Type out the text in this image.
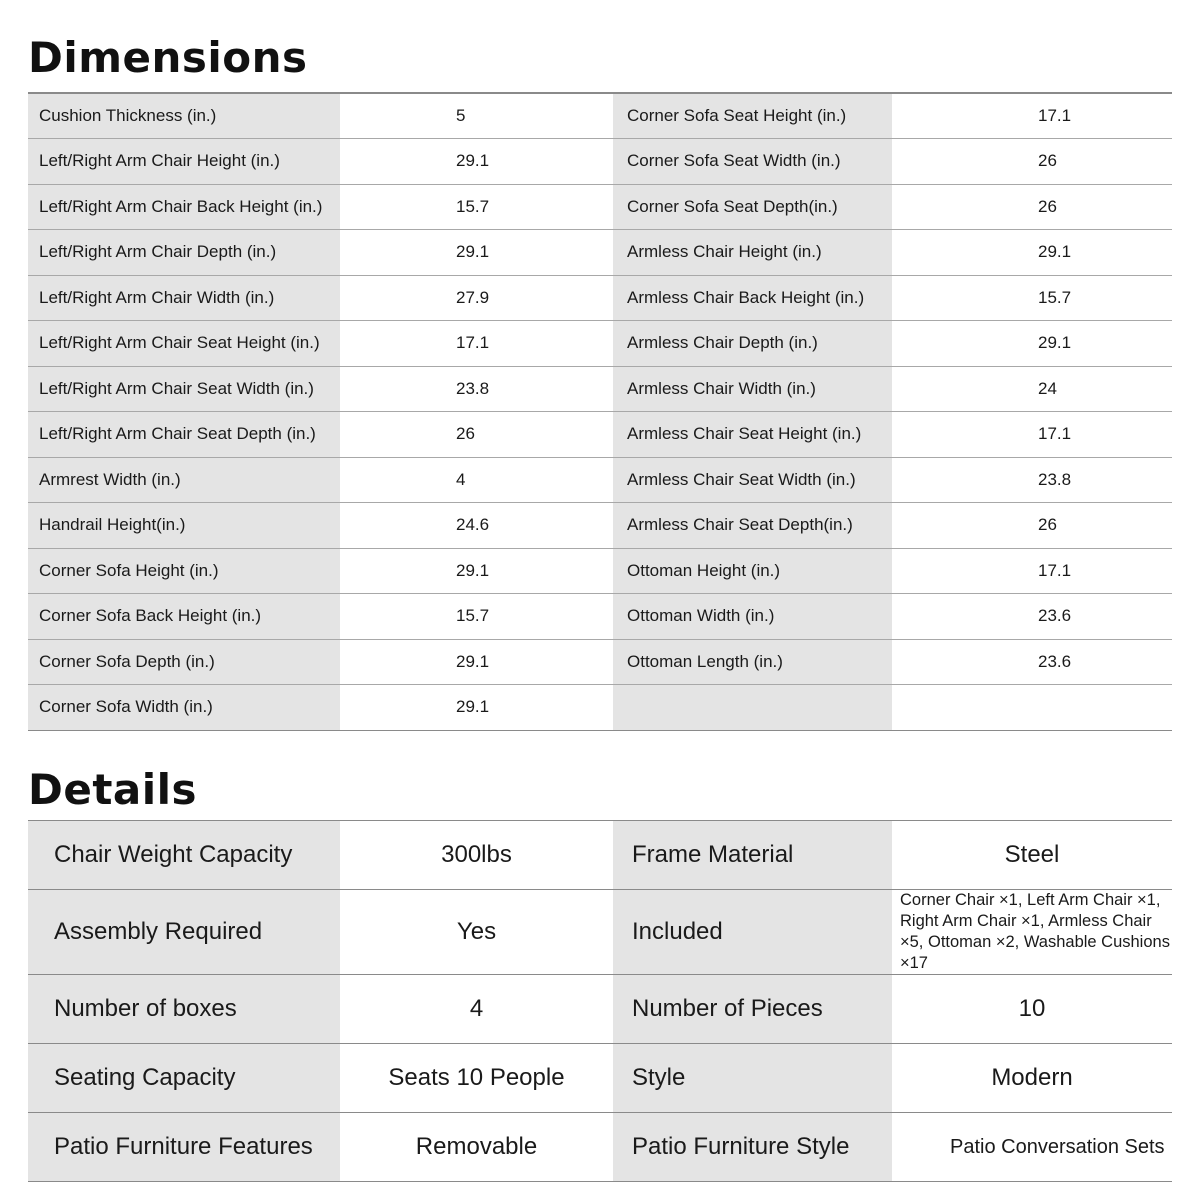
Dimensions
Cushion Thickness (in.)	5	Corner Sofa Seat Height (in.)	17.1
Left/Right Arm Chair Height (in.)	29.1	Corner Sofa Seat Width (in.)	26
Left/Right Arm Chair Back Height (in.)	15.7	Corner Sofa Seat Depth(in.)	26
Left/Right Arm Chair Depth (in.)	29.1	Armless Chair Height (in.)	29.1
Left/Right Arm Chair Width (in.)	27.9	Armless Chair Back Height (in.)	15.7
Left/Right Arm Chair Seat Height (in.)	17.1	Armless Chair Depth (in.)	29.1
Left/Right Arm Chair Seat Width (in.)	23.8	Armless Chair Width (in.)	24
Left/Right Arm Chair Seat Depth (in.)	26	Armless Chair Seat Height (in.)	17.1
Armrest Width (in.)	4	Armless Chair Seat Width (in.)	23.8
Handrail Height(in.)	24.6	Armless Chair Seat Depth(in.)	26
Corner Sofa Height (in.)	29.1	Ottoman Height (in.)	17.1
Corner Sofa Back Height (in.)	15.7	Ottoman Width (in.)	23.6
Corner Sofa Depth (in.)	29.1	Ottoman Length (in.)	23.6
Corner Sofa Width (in.)	29.1		
Details
Chair Weight Capacity	300lbs	Frame Material	Steel
Assembly Required	Yes	Included	Corner Chair ×1, Left Arm Chair ×1, Right Arm Chair ×1, Armless Chair ×5, Ottoman ×2, Washable Cushions ×17
Number of boxes	4	Number of Pieces	10
Seating Capacity	Seats 10 People	Style	Modern
Patio Furniture Features	Removable	Patio Furniture Style	Patio Conversation Sets
